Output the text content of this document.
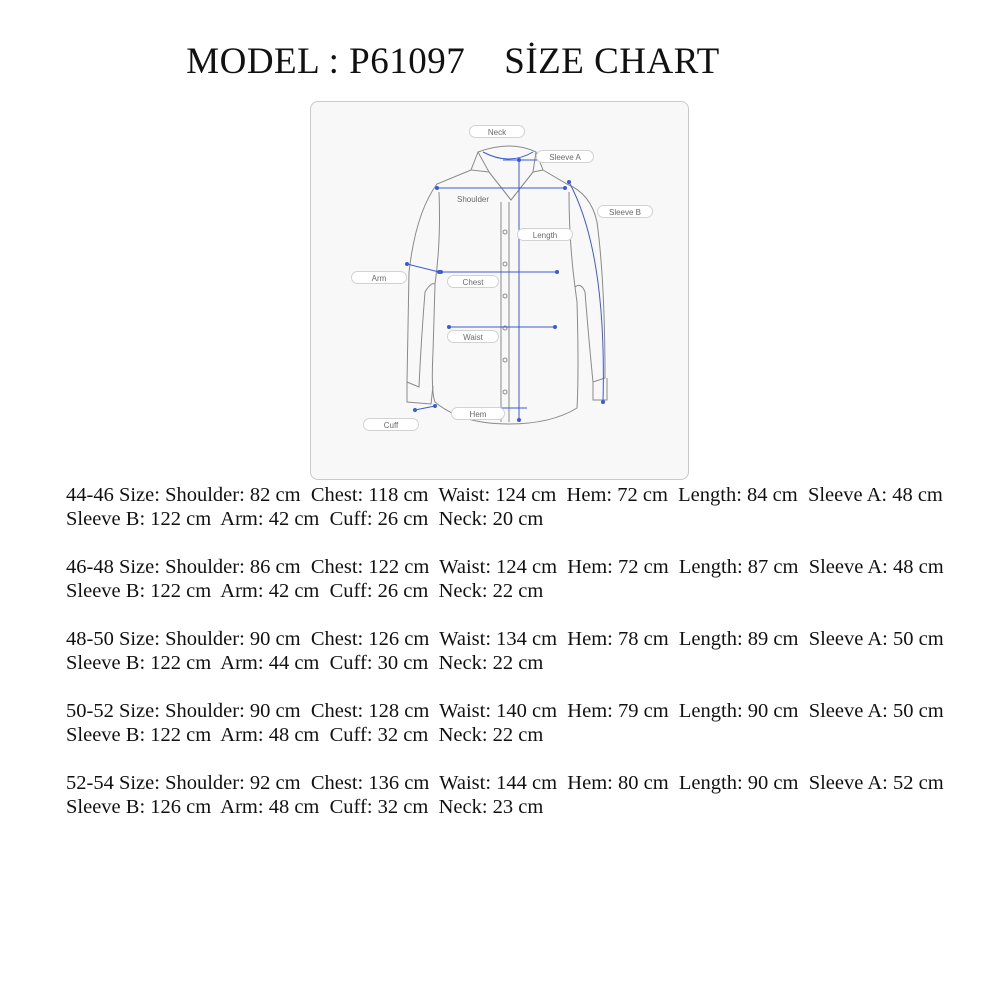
MODEL : P61097 SİZE CHART
Neck
Sleeve A
Sleeve B
Shoulder
Length
Arm	Chest
Waist
Hem
Cuff
44-46 Size: Shoulder: 82 cm  Chest: 118 cm  Waist: 124 cm  Hem: 72 cm  Length: 84 cm  Sleeve A: 48 cm  Sleeve B: 122 cm  Arm: 42 cm  Cuff: 26 cm  Neck: 20 cm
46-48 Size: Shoulder: 86 cm  Chest: 122 cm  Waist: 124 cm  Hem: 72 cm  Length: 87 cm  Sleeve A: 48 cm  Sleeve B: 122 cm  Arm: 42 cm  Cuff: 26 cm  Neck: 22 cm
48-50 Size: Shoulder: 90 cm  Chest: 126 cm  Waist: 134 cm  Hem: 78 cm  Length: 89 cm  Sleeve A: 50 cm  Sleeve B: 122 cm  Arm: 44 cm  Cuff: 30 cm  Neck: 22 cm
50-52 Size: Shoulder: 90 cm  Chest: 128 cm  Waist: 140 cm  Hem: 79 cm  Length: 90 cm  Sleeve A: 50 cm  Sleeve B: 122 cm  Arm: 48 cm  Cuff: 32 cm  Neck: 22 cm
52-54 Size: Shoulder: 92 cm  Chest: 136 cm  Waist: 144 cm  Hem: 80 cm  Length: 90 cm  Sleeve A: 52 cm  Sleeve B: 126 cm  Arm: 48 cm  Cuff: 32 cm  Neck: 23 cm
